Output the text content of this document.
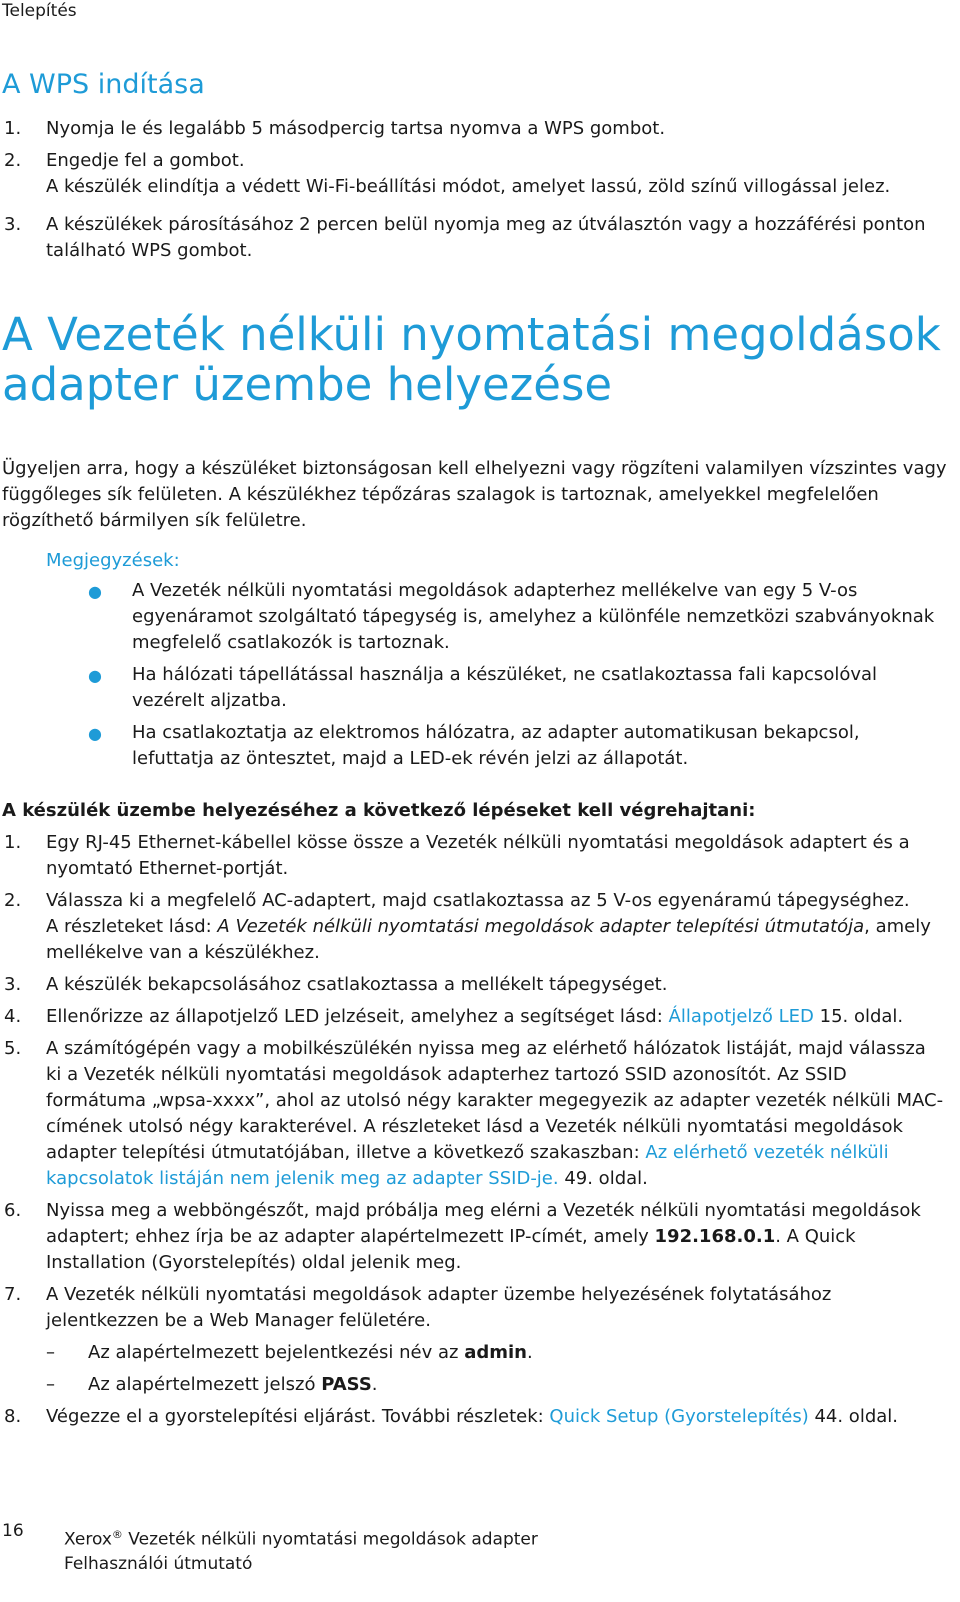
Telepítés
A WPS indítása
1.	Nyomja le és legalább 5 másodpercig tartsa nyomva a WPS gombot.
2.	Engedje fel a gombot.
A készülék elindítja a védett Wi-Fi-beállítási módot, amelyet lassú, zöld színű villogással jelez.
3.	A készülékek párosításához 2 percen belül nyomja meg az útválasztón vagy a hozzáférési ponton
található WPS gombot.
A Vezeték nélküli nyomtatási megoldások
adapter üzembe helyezése
Ügyeljen arra, hogy a készüléket biztonságosan kell elhelyezni vagy rögzíteni valamilyen vízszintes vagy
függőleges sík felületen. A készülékhez tépőzáras szalagok is tartoznak, amelyekkel megfelelően
rögzíthető bármilyen sík felületre.
Megjegyzések:
● A Vezeték nélküli nyomtatási megoldások adapterhez mellékelve van egy 5 V-os
egyenáramot szolgáltató tápegység is, amelyhez a különféle nemzetközi szabványoknak
megfelelő csatlakozók is tartoznak.
● Ha hálózati tápellátással használja a készüléket, ne csatlakoztassa fali kapcsolóval
vezérelt aljzatba.
● Ha csatlakoztatja az elektromos hálózatra, az adapter automatikusan bekapcsol,
lefuttatja az öntesztet, majd a LED-ek révén jelzi az állapotát.
A készülék üzembe helyezéséhez a következő lépéseket kell végrehajtani:
1.	Egy RJ-45 Ethernet-kábellel kösse össze a Vezeték nélküli nyomtatási megoldások adaptert és a
nyomtató Ethernet-portját.
2.	Válassza ki a megfelelő AC-adaptert, majd csatlakoztassa az 5 V-os egyenáramú tápegységhez.
A részleteket lásd: A Vezeték nélküli nyomtatási megoldások adapter telepítési útmutatója, amely
mellékelve van a készülékhez.
3.	A készülék bekapcsolásához csatlakoztassa a mellékelt tápegységet.
4.	Ellenőrizze az állapotjelző LED jelzéseit, amelyhez a segítséget lásd: Állapotjelző LED 15. oldal.
5.	A számítógépén vagy a mobilkészülékén nyissa meg az elérhető hálózatok listáját, majd válassza
ki a Vezeték nélküli nyomtatási megoldások adapterhez tartozó SSID azonosítót. Az SSID
formátuma „wpsa-xxxx”, ahol az utolsó négy karakter megegyezik az adapter vezeték nélküli MAC-
címének utolsó négy karakterével. A részleteket lásd a Vezeték nélküli nyomtatási megoldások
adapter telepítési útmutatójában, illetve a következő szakaszban: Az elérhető vezeték nélküli
kapcsolatok listáján nem jelenik meg az adapter SSID-je. 49. oldal.
6.	Nyissa meg a webböngészőt, majd próbálja meg elérni a Vezeték nélküli nyomtatási megoldások
adaptert; ehhez írja be az adapter alapértelmezett IP-címét, amely 192.168.0.1. A Quick
Installation (Gyorstelepítés) oldal jelenik meg.
7.	A Vezeték nélküli nyomtatási megoldások adapter üzembe helyezésének folytatásához
jelentkezzen be a Web Manager felületére.
– Az alapértelmezett bejelentkezési név az admin.
– Az alapértelmezett jelszó PASS.
8.	Végezze el a gyorstelepítési eljárást. További részletek: Quick Setup (Gyorstelepítés) 44. oldal.
16 Xerox® Vezeték nélküli nyomtatási megoldások adapter
Felhasználói útmutató
